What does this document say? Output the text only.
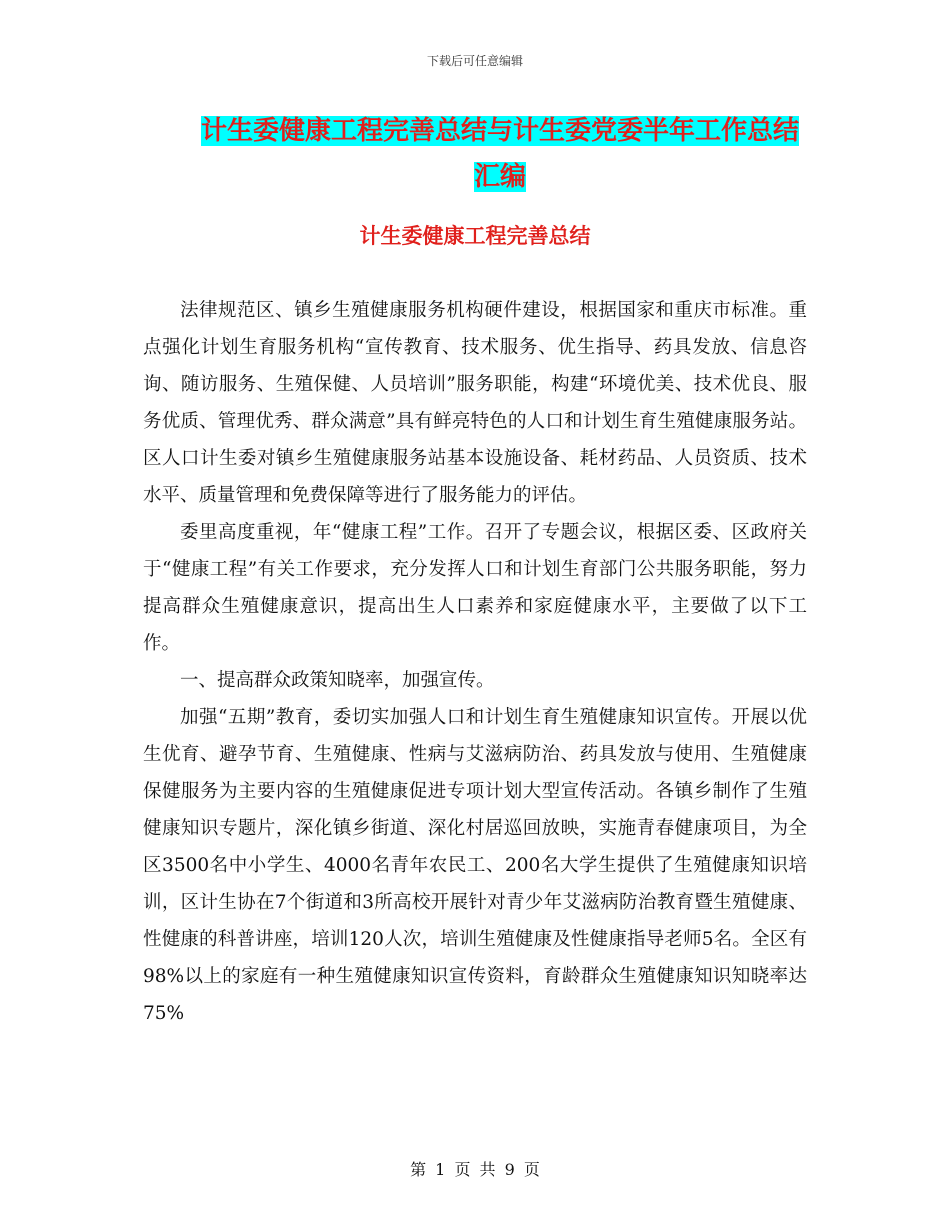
下载后可任意编辑
计生委健康工程完善总结与计生委党委半年工作总结
汇编
计生委健康工程完善总结

法律规范区、镇乡生殖健康服务机构硬件建设，根据国家和重庆市标准。重点强化计划生育服务机构“宣传教育、技术服务、优生指导、药具发放、信息咨询、随访服务、生殖保健、人员培训”服务职能，构建“环境优美、技术优良、服务优质、管理优秀、群众满意”具有鲜亮特色的人口和计划生育生殖健康服务站。区人口计生委对镇乡生殖健康服务站基本设施设备、耗材药品、人员资质、技术水平、质量管理和免费保障等进行了服务能力的评估。

委里高度重视，年“健康工程”工作。召开了专题会议，根据区委、区政府关于“健康工程”有关工作要求，充分发挥人口和计划生育部门公共服务职能，努力提高群众生殖健康意识，提高出生人口素养和家庭健康水平，主要做了以下工作。

一、提高群众政策知晓率，加强宣传。

加强“五期”教育，委切实加强人口和计划生育生殖健康知识宣传。开展以优生优育、避孕节育、生殖健康、性病与艾滋病防治、药具发放与使用、生殖健康保健服务为主要内容的生殖健康促进专项计划大型宣传活动。各镇乡制作了生殖健康知识专题片，深化镇乡街道、深化村居巡回放映，实施青春健康项目，为全区3500名中小学生、4000名青年农民工、200名大学生提供了生殖健康知识培训，区计生协在7个街道和3所高校开展针对青少年艾滋病防治教育暨生殖健康、性健康的科普讲座，培训120人次，培训生殖健康及性健康指导老师5名。全区有98%以上的家庭有一种生殖健康知识宣传资料，育龄群众生殖健康知识知晓率达75%

第 1 页 共 9 页
